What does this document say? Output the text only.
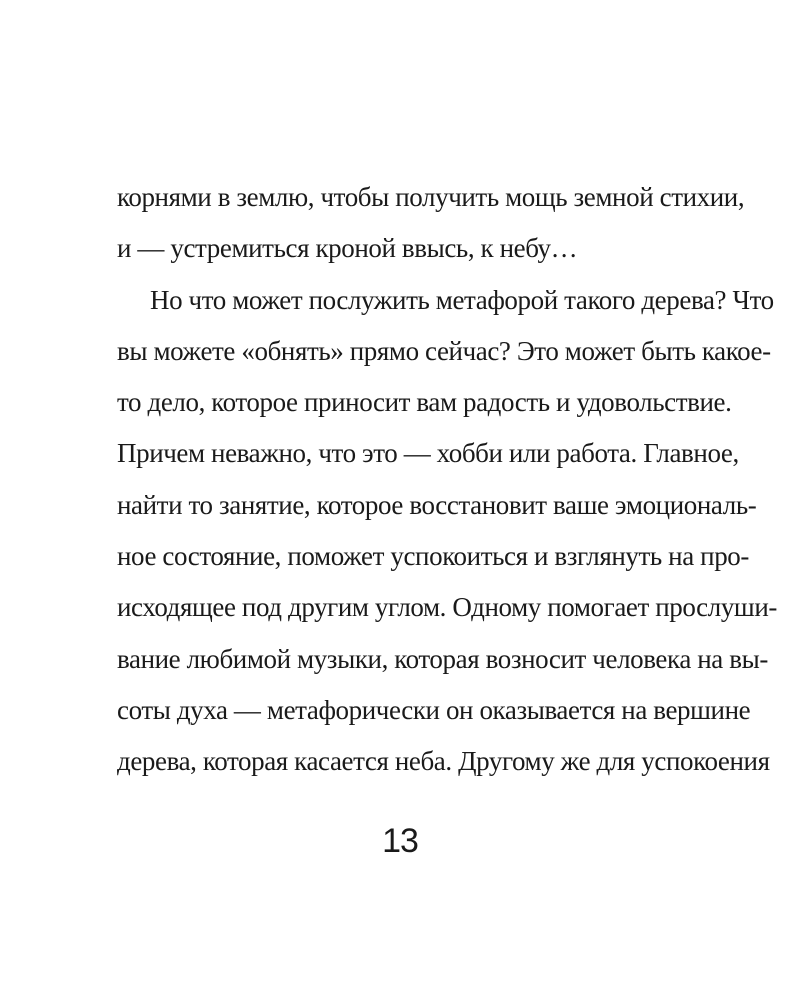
корнями в землю, чтобы получить мощь земной стихии,
и — устремиться кроной ввысь, к небу…
Но что может послужить метафорой такого дерева? Что
вы можете «обнять» прямо сейчас? Это может быть какое-
то дело, которое приносит вам радость и удовольствие.
Причем неважно, что это — хобби или работа. Главное,
найти то занятие, которое восстановит ваше эмоциональ-
ное состояние, поможет успокоиться и взглянуть на про-
исходящее под другим углом. Одному помогает прослуши-
вание любимой музыки, которая возносит человека на вы-
соты духа — метафорически он оказывается на вершине
дерева, которая касается неба. Другому же для успокоения
13
